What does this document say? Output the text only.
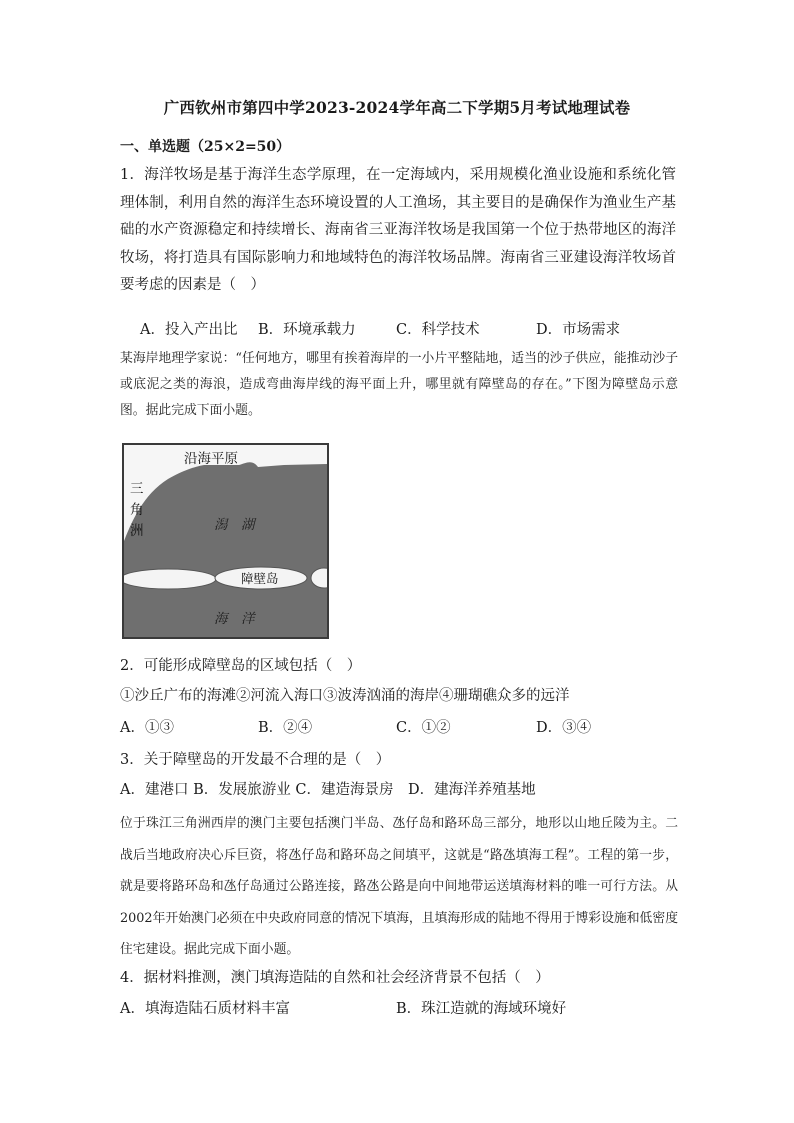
广西钦州市第四中学2023-2024学年高二下学期5月考试地理试卷
一、单选题（25×2=50）
1．海洋牧场是基于海洋生态学原理，在一定海域内，采用规模化渔业设施和系统化管理体制，利用自然的海洋生态环境设置的人工渔场，其主要目的是确保作为渔业生产基础的水产资源稳定和持续增长、海南省三亚海洋牧场是我国第一个位于热带地区的海洋牧场，将打造具有国际影响力和地域特色的海洋牧场品牌。海南省三亚建设海洋牧场首要考虑的因素是（　）
A．投入产出比 B．环境承载力	C．科学技术	D．市场需求
某海岸地理学家说：“任何地方，哪里有挨着海岸的一小片平整陆地，适当的沙子供应，能推动沙子或底泥之类的海浪，造成弯曲海岸线的海平面上升，哪里就有障壁岛的存在。”下图为障壁岛示意图。据此完成下面小题。
沿海平原
三角洲	潟　湖
障壁岛
海　洋
2．可能形成障壁岛的区域包括（　）
①沙丘广布的海滩②河流入海口③波涛汹涌的海岸④珊瑚礁众多的远洋
A．①③	B．②④	C．①②	D．③④
3．关于障壁岛的开发最不合理的是（　）
A．建港口 B．发展旅游业 C．建造海景房　D．建海洋养殖基地
位于珠江三角洲西岸的澳门主要包括澳门半岛、氹仔岛和路环岛三部分，地形以山地丘陵为主。二战后当地政府决心斥巨资，将氹仔岛和路环岛之间填平，这就是“路氹填海工程”。工程的第一步，就是要将路环岛和氹仔岛通过公路连接，路氹公路是向中间地带运送填海材料的唯一可行方法。从2002年开始澳门必须在中央政府同意的情况下填海，且填海形成的陆地不得用于博彩设施和低密度住宅建设。据此完成下面小题。
4．据材料推测，澳门填海造陆的自然和社会经济背景不包括（　）
A．填海造陆石质材料丰富	B．珠江造就的海域环境好
